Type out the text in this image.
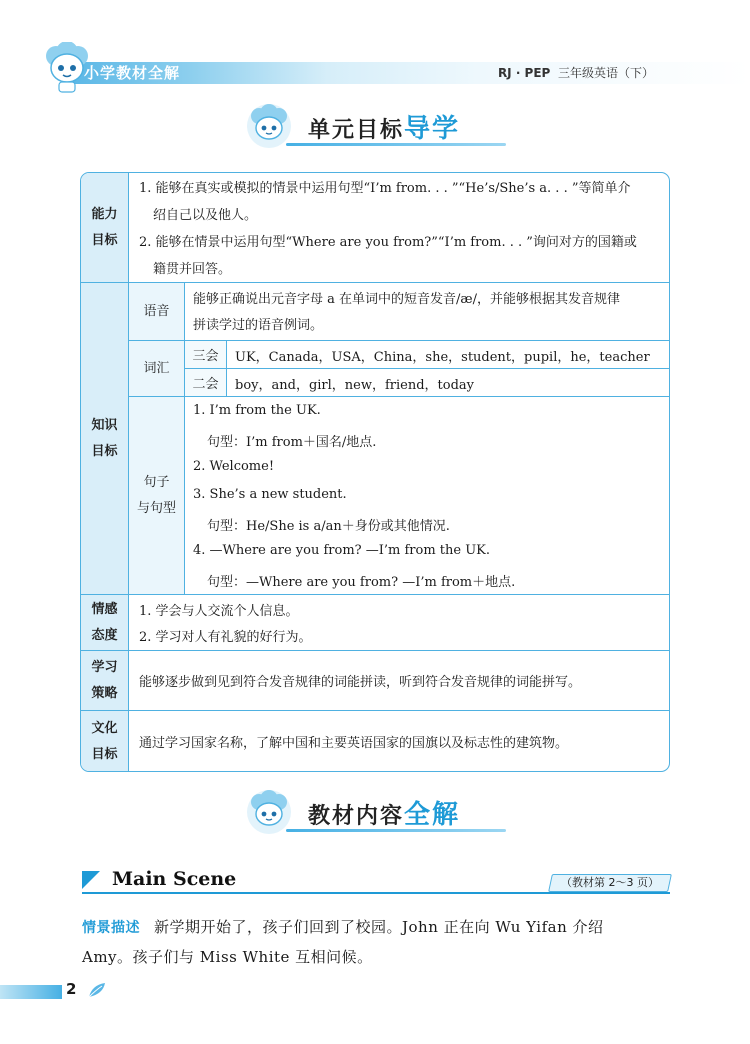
小学教材全解	RJ · PEP 三年级英语（下）
单元目标导学
能力
目标
1. 能够在真实或模拟的情景中运用句型“I’m from. . . ”“He’s/She’s a. . . ”等简单介
绍自己以及他人。
2. 能够在情景中运用句型“Where are you from?”“I’m from. . . ”询问对方的国籍或
籍贯并回答。
知识
目标
语音
能够正确说出元音字母 a 在单词中的短音发音/æ/，并能够根据其发音规律
拼读学过的语音例词。
词汇
三会 UK，Canada，USA，China，she，student，pupil，he，teacher
二会 boy，and，girl，new，friend，today
句子
与句型
1. I’m from the UK.
句型：I’m from＋国名/地点.
2. Welcome!
3. She’s a new student.
句型：He/She is a/an＋身份或其他情况.
4. —Where are you from? —I’m from the UK.
句型：—Where are you from? —I’m from＋地点.
情感
态度
1. 学会与人交流个人信息。
2. 学习对人有礼貌的好行为。
学习
策略
能够逐步做到见到符合发音规律的词能拼读，听到符合发音规律的词能拼写。
文化
目标
通过学习国家名称，了解中国和主要英语国家的国旗以及标志性的建筑物。
教材内容全解
Main Scene	（教材第 2～3 页）
情景描述 新学期开始了，孩子们回到了校园。John 正在向 Wu Yifan 介绍
Amy。孩子们与 Miss White 互相问候。
2
